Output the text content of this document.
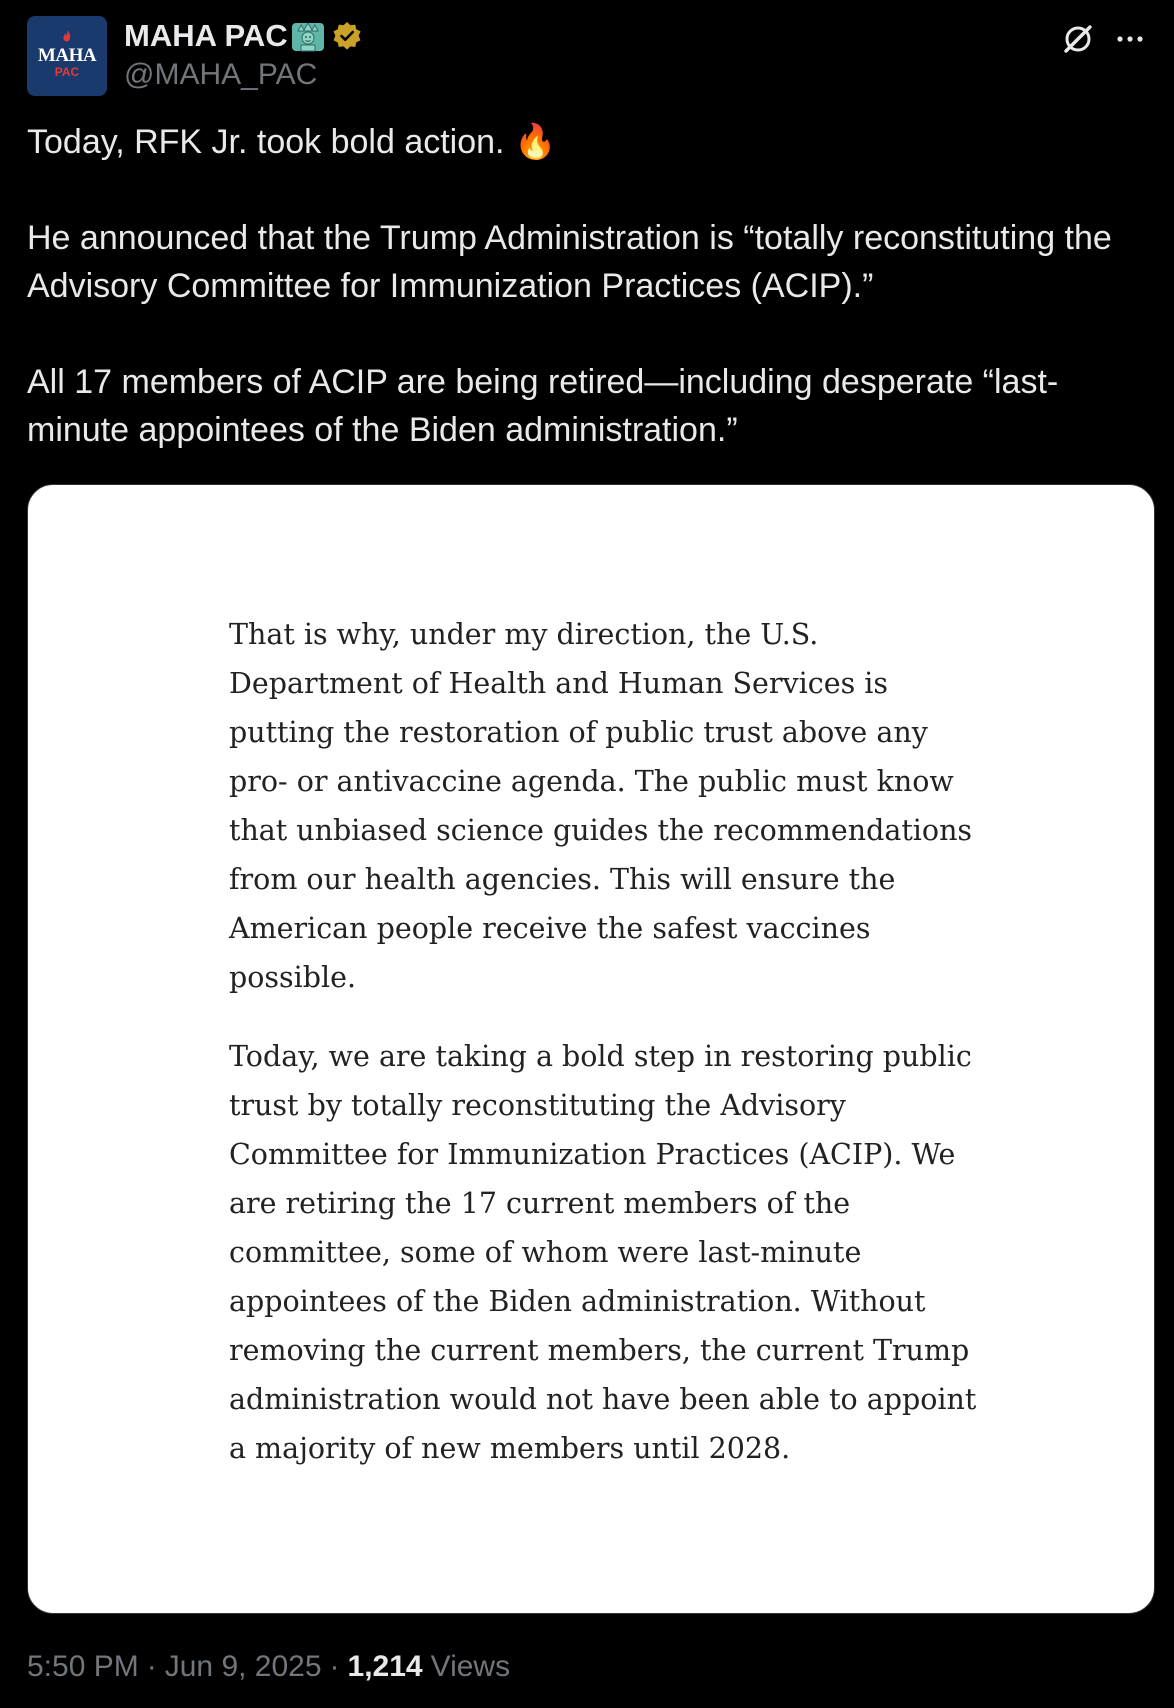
MAHA
PAC
MAHA PAC
@MAHA_PAC

Today, RFK Jr. took bold action. 🔥

He announced that the Trump Administration is “totally reconstituting the Advisory Committee for Immunization Practices (ACIP).”

All 17 members of ACIP are being retired—including desperate “last-minute appointees of the Biden administration.”

That is why, under my direction, the U.S. Department of Health and Human Services is putting the restoration of public trust above any pro- or antivaccine agenda. The public must know that unbiased science guides the recommendations from our health agencies. This will ensure the American people receive the safest vaccines possible.

Today, we are taking a bold step in restoring public trust by totally reconstituting the Advisory Committee for Immunization Practices (ACIP). We are retiring the 17 current members of the committee, some of whom were last-minute appointees of the Biden administration. Without removing the current members, the current Trump administration would not have been able to appoint a majority of new members until 2028.

5:50 PM · Jun 9, 2025 · 1,214 Views
